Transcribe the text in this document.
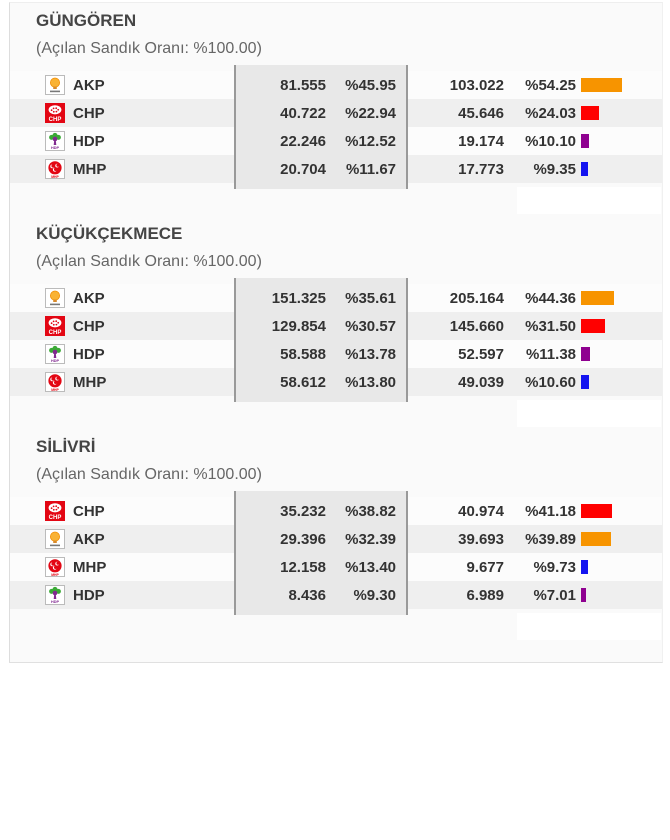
GÜNGÖREN
(Açılan Sandık Oranı: %100.00)
AKP	81.555	%45.95	103.022	%54.25
CHP CHP	40.722	%22.94	45.646	%24.03
HDP HDP	22.246	%12.52	19.174	%10.10
MHP MHP	20.704	%11.67	17.773	%9.35
KÜÇÜKÇEKMECE
(Açılan Sandık Oranı: %100.00)
AKP	151.325	%35.61	205.164	%44.36
CHP CHP	129.854	%30.57	145.660	%31.50
HDP HDP	58.588	%13.78	52.597	%11.38
MHP MHP	58.612	%13.80	49.039	%10.60
SİLİVRİ
(Açılan Sandık Oranı: %100.00)
CHP CHP	35.232	%38.82	40.974	%41.18
AKP	29.396	%32.39	39.693	%39.89
MHP MHP	12.158	%13.40	9.677	%9.73
HDP HDP	8.436	%9.30	6.989	%7.01
